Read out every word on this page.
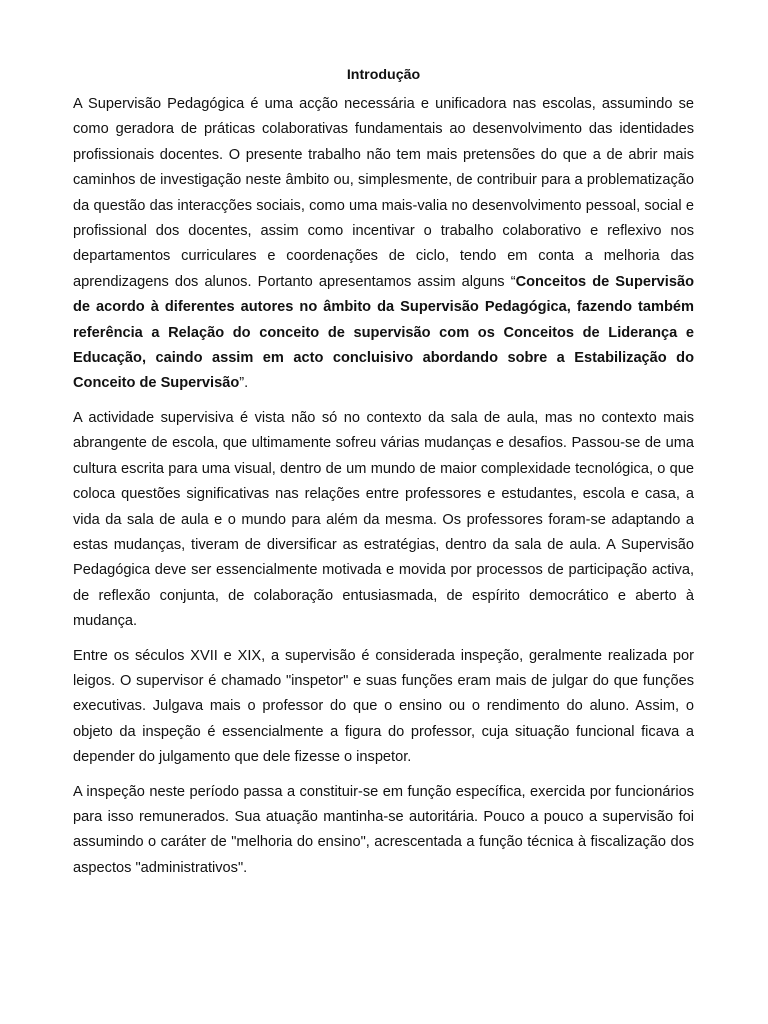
Introdução

A Supervisão Pedagógica é uma acção necessária e unificadora nas escolas, assumindo se como geradora de práticas colaborativas fundamentais ao desenvolvimento das identidades profissionais docentes. O presente trabalho não tem mais pretensões do que a de abrir mais caminhos de investigação neste âmbito ou, simplesmente, de contribuir para a problematização da questão das interacções sociais, como uma mais-valia no desenvolvimento pessoal, social e profissional dos docentes, assim como incentivar o trabalho colaborativo e reflexivo nos departamentos curriculares e coordenações de ciclo, tendo em conta a melhoria das aprendizagens dos alunos. Portanto apresentamos assim alguns “Conceitos de Supervisão de acordo à diferentes autores no âmbito da Supervisão Pedagógica, fazendo também referência a Relação do conceito de supervisão com os Conceitos de Liderança e Educação, caindo assim em acto concluisivo abordando sobre a Estabilização do Conceito de Supervisão”.

A actividade supervisiva é vista não só no contexto da sala de aula, mas no contexto mais abrangente de escola, que ultimamente sofreu várias mudanças e desafios. Passou-se de uma cultura escrita para uma visual, dentro de um mundo de maior complexidade tecnológica, o que coloca questões significativas nas relações entre professores e estudantes, escola e casa, a vida da sala de aula e o mundo para além da mesma. Os professores foram-se adaptando a estas mudanças, tiveram de diversificar as estratégias, dentro da sala de aula. A Supervisão Pedagógica deve ser essencialmente motivada e movida por processos de participação activa, de reflexão conjunta, de colaboração entusiasmada, de espírito democrático e aberto à mudança.

Entre os séculos XVII e XIX, a supervisão é considerada inspeção, geralmente realizada por leigos. O supervisor é chamado "inspetor" e suas funções eram mais de julgar do que funções executivas. Julgava mais o professor do que o ensino ou o rendimento do aluno. Assim, o objeto da inspeção é essencialmente a figura do professor, cuja situação funcional ficava a depender do julgamento que dele fizesse o inspetor.

A inspeção neste período passa a constituir-se em função específica, exercida por funcionários para isso remunerados. Sua atuação mantinha-se autoritária. Pouco a pouco a supervisão foi assumindo o caráter de "melhoria do ensino", acrescentada a função técnica à fiscalização dos aspectos "administrativos".
